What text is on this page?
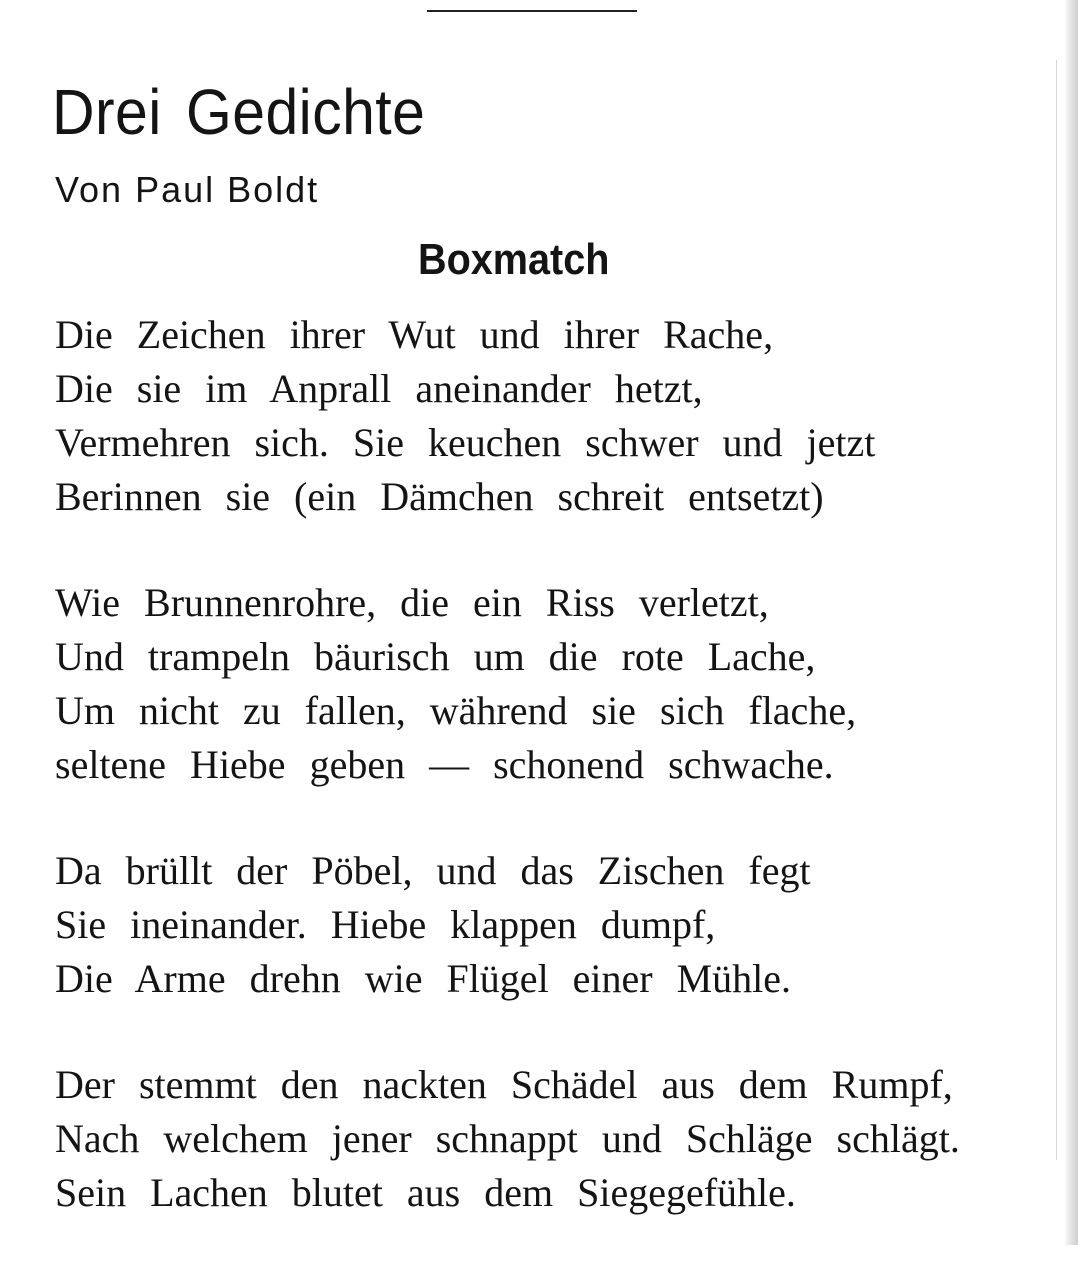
Drei Gedichte
Von Paul Boldt
Boxmatch
Die Zeichen ihrer Wut und ihrer Rache,
Die sie im Anprall aneinander hetzt,
Vermehren sich. Sie keuchen schwer und jetzt
Berinnen sie (ein Dämchen schreit entsetzt)
Wie Brunnenrohre, die ein Riss verletzt,
Und trampeln bäurisch um die rote Lache,
Um nicht zu fallen, während sie sich flache,
seltene Hiebe geben — schonend schwache.
Da brüllt der Pöbel, und das Zischen fegt
Sie ineinander. Hiebe klappen dumpf,
Die Arme drehn wie Flügel einer Mühle.
Der stemmt den nackten Schädel aus dem Rumpf,
Nach welchem jener schnappt und Schläge schlägt.
Sein Lachen blutet aus dem Siegegefühle.
